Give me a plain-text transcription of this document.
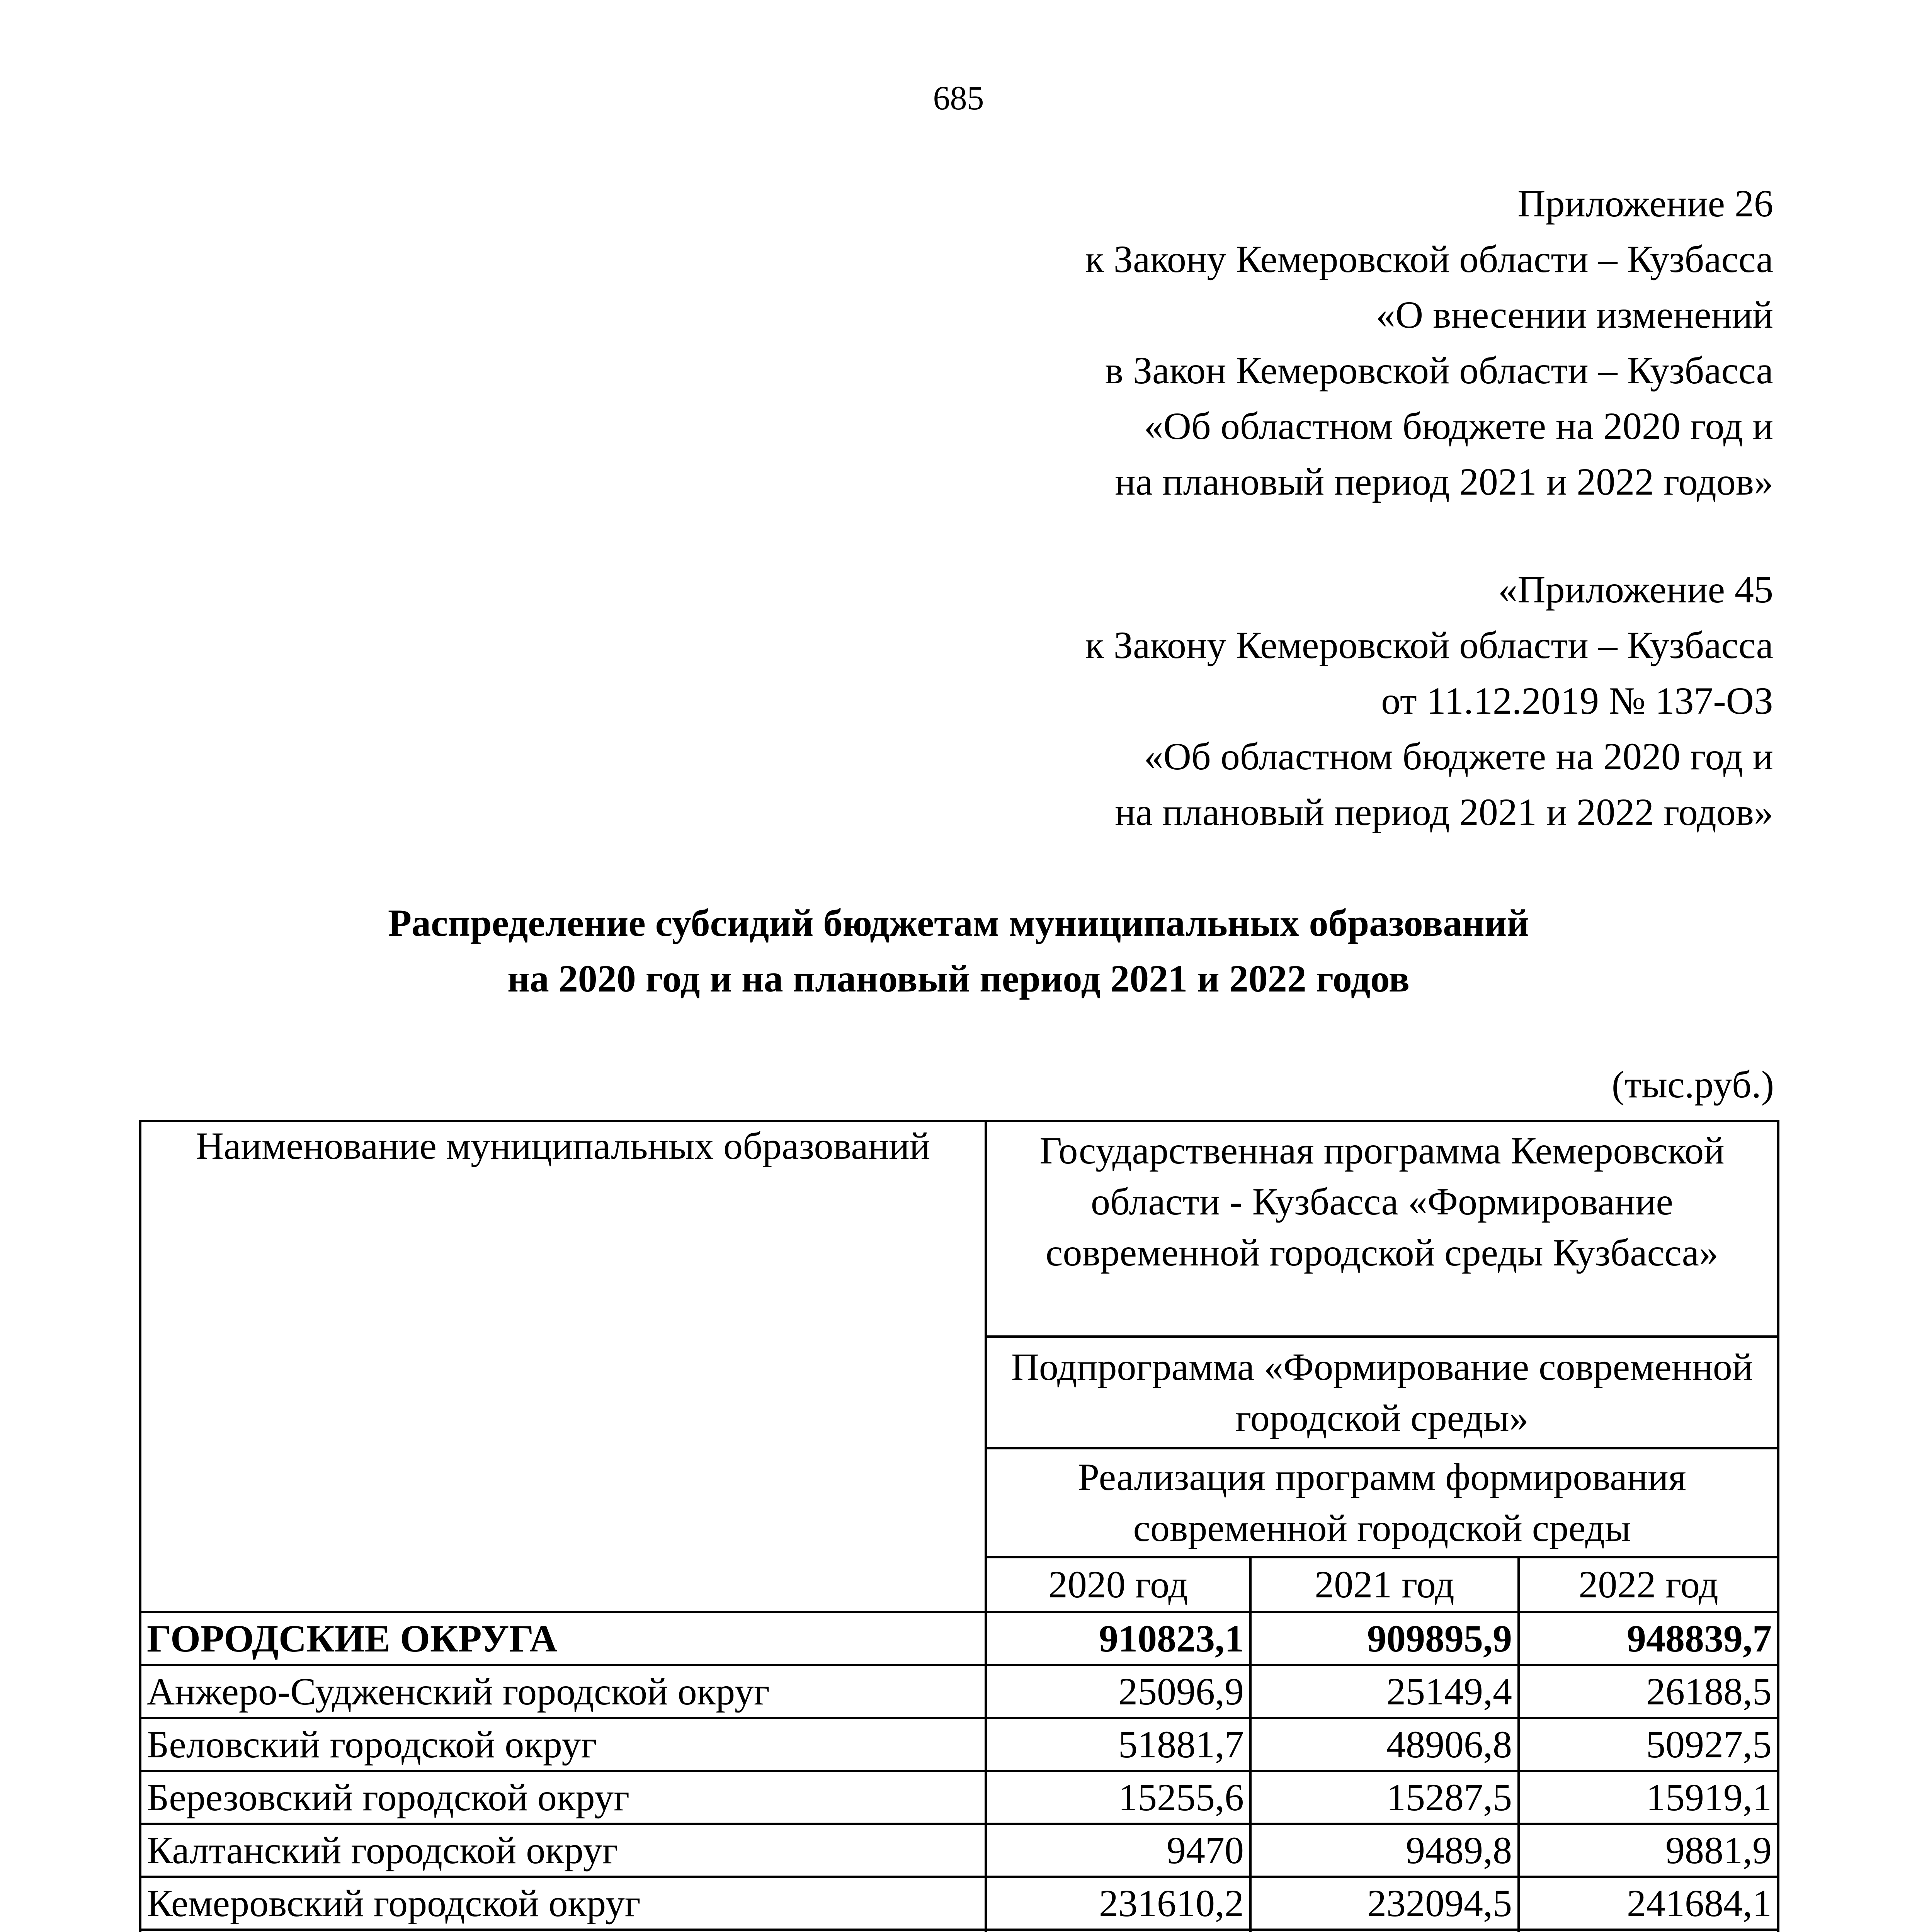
685
Приложение 26
к Закону Кемеровской области – Кузбасса
«О внесении изменений
в Закон Кемеровской области – Кузбасса
«Об областном бюджете на 2020 год и
на плановый период 2021 и 2022 годов»
«Приложение 45
к Закону Кемеровской области – Кузбасса
от 11.12.2019 № 137-ОЗ
«Об областном бюджете на 2020 год и
на плановый период 2021 и 2022 годов»
Распределение субсидий бюджетам муниципальных образований
на 2020 год и на плановый период 2021 и 2022 годов
(тыс.руб.)
Наименование муниципальных образований	Государственная программа Кемеровской области - Кузбасса «Формирование современной городской среды Кузбасса»		
	Подпрограмма «Формирование современной городской среды»		
	Реализация программ формирования современной городской среды		
	2020 год	2021 год	2022 год
ГОРОДСКИЕ ОКРУГА	910823,1	909895,9	948839,7
Анжеро-Судженский городской округ	25096,9	25149,4	26188,5
Беловский городской округ	51881,7	48906,8	50927,5
Березовский городской округ	15255,6	15287,5	15919,1
Калтанский городской округ	9470	9489,8	9881,9
Кемеровский городской округ	231610,2	232094,5	241684,1
